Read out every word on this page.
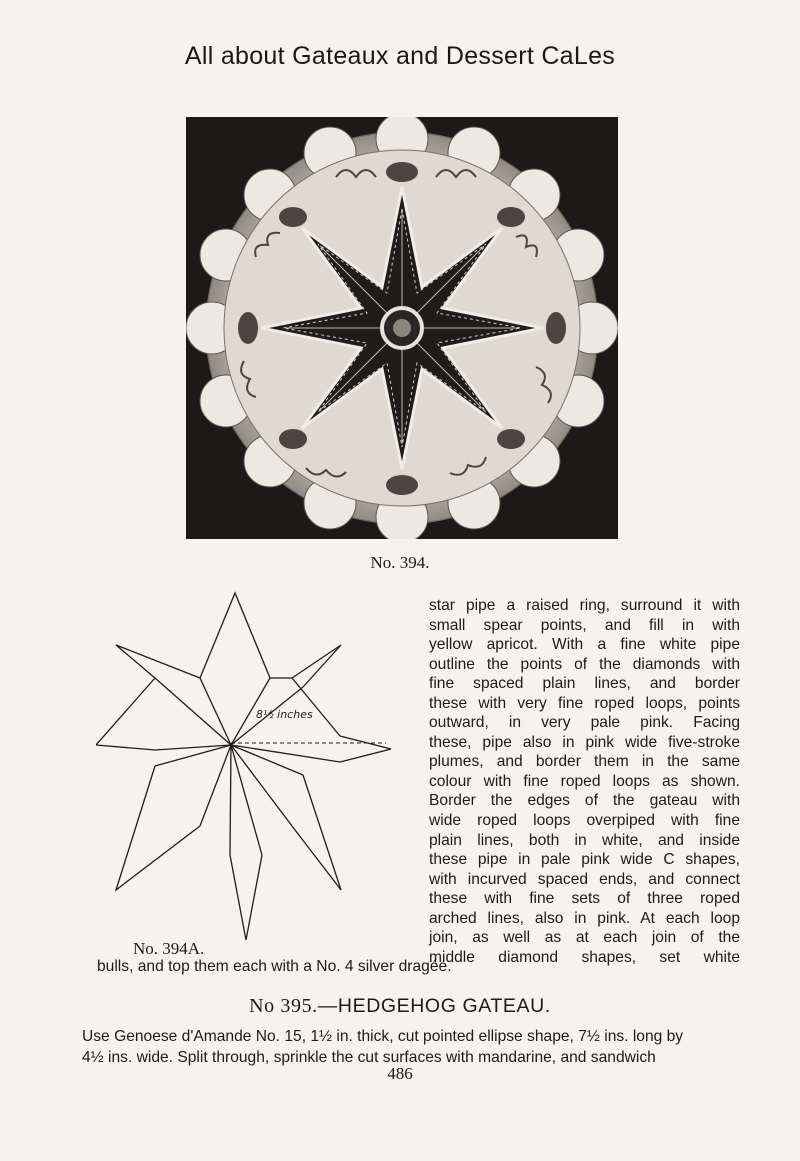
All about Gateaux and Dessert CaLes
No. 394.
8½ inches
No. 394A.
star pipe a raised ring, surround it with
small spear points, and fill in with
yellow apricot. With a fine white pipe
outline the points of the diamonds with
fine spaced plain lines, and border
these with very fine roped loops, points
outward, in very pale pink. Facing
these, pipe also in pink wide five-stroke
plumes, and border them in the same
colour with fine roped loops as shown.
Border the edges of the gateau with
wide roped loops overpiped with fine
plain lines, both in white, and inside
these pipe in pale pink wide C shapes,
with incurved spaced ends, and connect
these with fine sets of three roped
arched lines, also in pink. At each loop
join, as well as at each join of the
middle diamond shapes, set white
bulls, and top them each with a No. 4 silver dragée.
No 395.—HEDGEHOG GATEAU.
Use Genoese d'Amande No. 15, 1½ in. thick, cut pointed ellipse shape, 7½ ins. long by
4½ ins. wide. Split through, sprinkle the cut surfaces with mandarine, and sandwich
486
